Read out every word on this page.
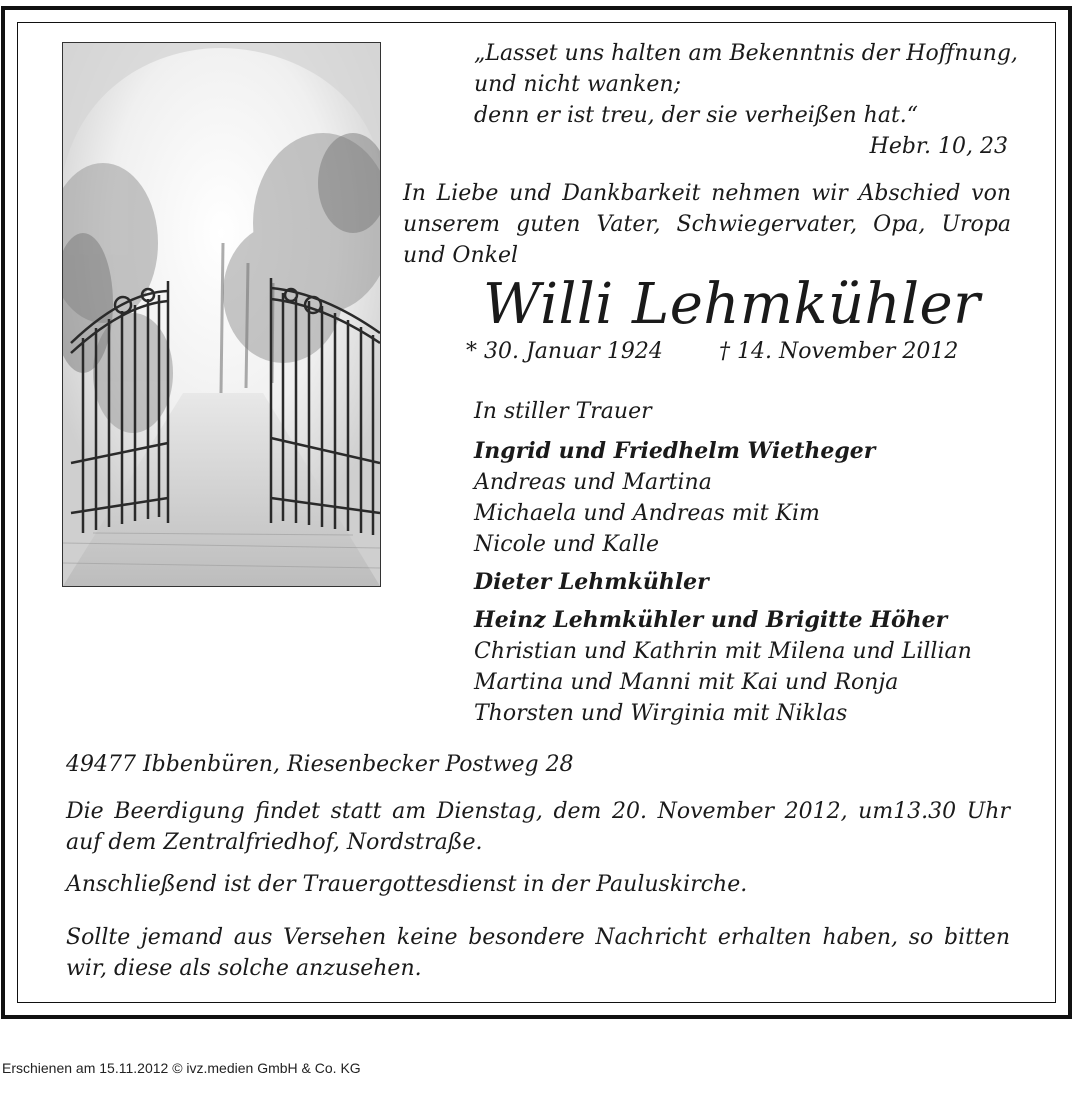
„Lasset uns halten am Bekenntnis der Hoffnung,
und nicht wanken;
denn er ist treu, der sie verheißen hat.“
Hebr. 10, 23
In Liebe und Dankbarkeit nehmen wir Abschied von unserem guten Vater, Schwiegervater, Opa, Uropa und Onkel
Willi Lehmkühler
* 30. Januar 1924	† 14. November 2012
In stiller Trauer
Ingrid und Friedhelm Wietheger
Andreas und Martina
Michaela und Andreas mit Kim
Nicole und Kalle
Dieter Lehmkühler
Heinz Lehmkühler und Brigitte Höher
Christian und Kathrin mit Milena und Lillian
Martina und Manni mit Kai und Ronja
Thorsten und Wirginia mit Niklas
49477 Ibbenbüren, Riesenbecker Postweg 28
Die Beerdigung findet statt am Dienstag, dem 20. November 2012, um13.30 Uhr auf dem Zentralfriedhof, Nordstraße.
Anschließend ist der Trauergottesdienst in der Pauluskirche.
Sollte jemand aus Versehen keine besondere Nachricht erhalten haben, so bitten wir, diese als solche anzusehen.
Erschienen am 15.11.2012 © ivz.medien GmbH & Co. KG
